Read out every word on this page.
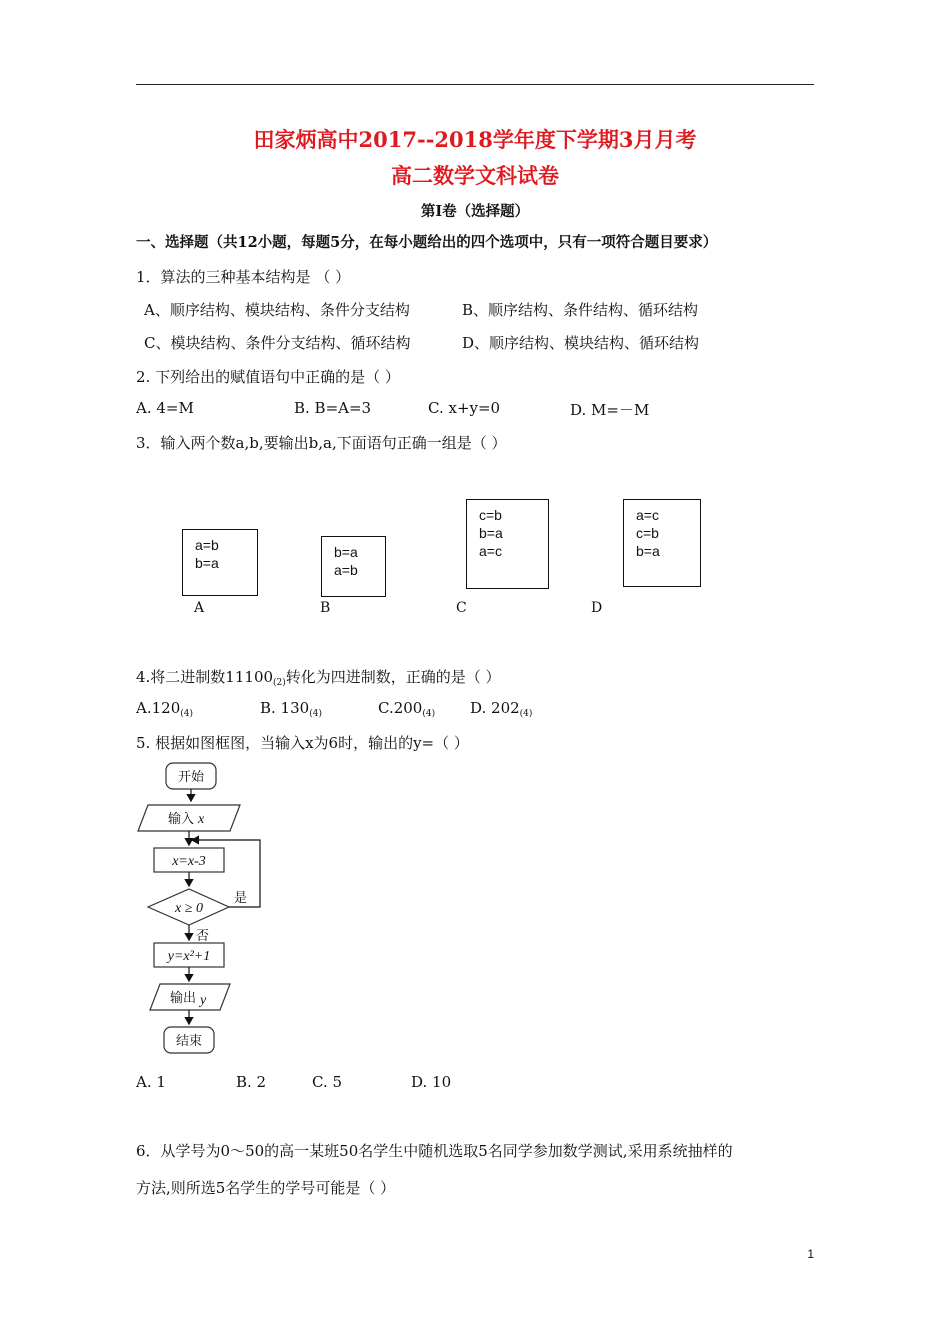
田家炳高中2017--2018学年度下学期3月月考
高二数学文科试卷
第Ⅰ卷（选择题）
一、选择题（共12小题，每题5分，在每小题给出的四个选项中，只有一项符合题目要求）
1．算法的三种基本结构是 （ ）
A、顺序结构、模块结构、条件分支结构	B、顺序结构、条件结构、循环结构
C、模块结构、条件分支结构、循环结构	D、顺序结构、模块结构、循环结构
2. 下列给出的赋值语句中正确的是（ ）
A. 4=M	B. B=A=3	C. x+y=0	D. M=－M
3．输入两个数a,b,要输出b,a,下面语句正确一组是（ ）
a=b
b=a
b=a
a=b
c=b
b=a
a=c
a=c
c=b
b=a
A	B	C	D
4.将二进制数$11100_{(2)}$转化为四进制数，正确的是（ ）
$A.120_{(4)}$	B. $130_{(4)}$	$C.200_{(4)}$ D. $202_{(4)}$
5. 根据如图框图，当输入x为6时，输出的y=（ ）
开始
输入 x
x=x-3
x ≥ 0
是
否
y=x²+1
输出 y
结束
A. 1	B. 2	C. 5	D. 10
6．从学号为0～50的高一某班50名学生中随机选取5名同学参加数学测试,采用系统抽样的
方法,则所选5名学生的学号可能是（ ）
1
